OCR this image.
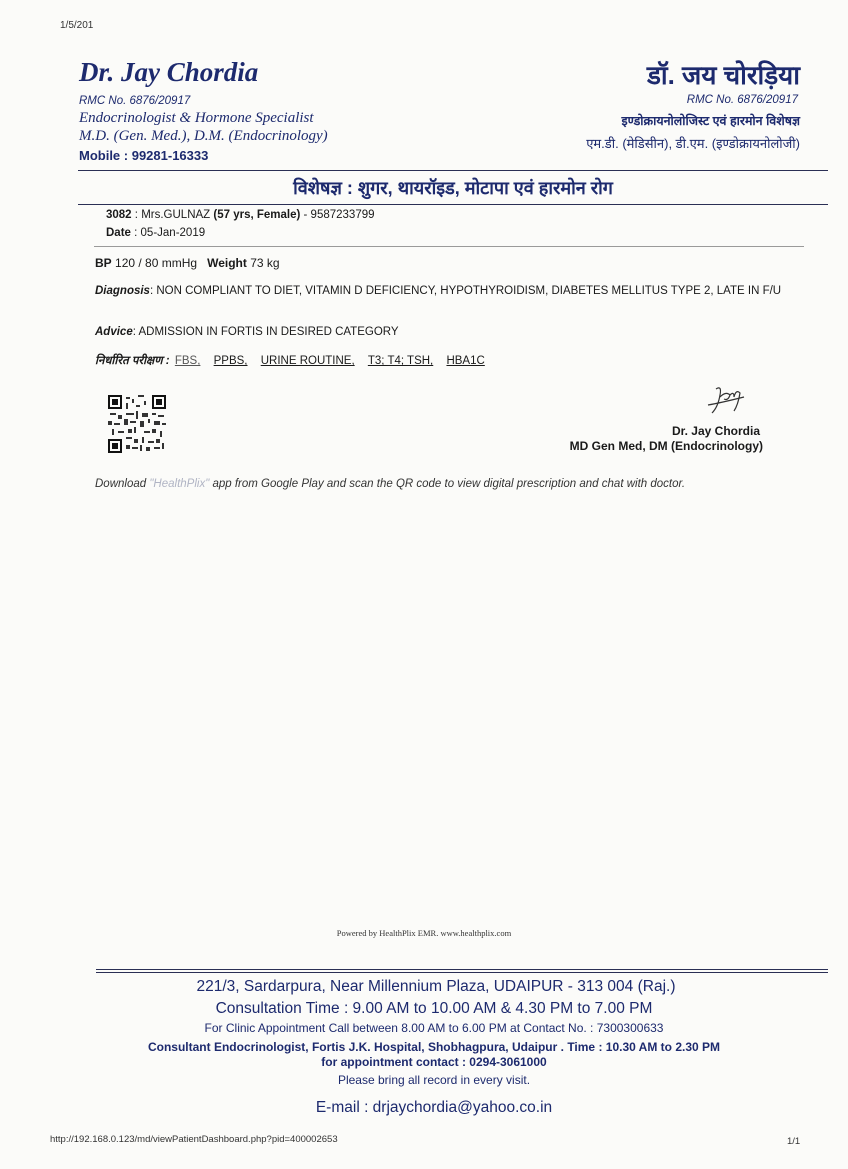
1/5/201
Dr. Jay Chordia
RMC No. 6876/20917
Endocrinologist & Hormone Specialist
M.D. (Gen. Med.), D.M. (Endocrinology)
Mobile : 99281-16333
डॉ. जय चोरड़िया
RMC No. 6876/20917
इण्डोक्रायनोलोजिस्ट एवं हारमोन विशेषज्ञ
एम.डी. (मेडिसीन), डी.एम. (इण्डोक्रायनोलोजी)
विशेषज्ञ : शुगर, थायरॉइड, मोटापा एवं हारमोन रोग
3082 : Mrs.GULNAZ (57 yrs, Female) - 9587233799
Date : 05-Jan-2019
BP 120 / 80 mmHg Weight 73 kg
Diagnosis: NON COMPLIANT TO DIET, VITAMIN D DEFICIENCY, HYPOTHYROIDISM, DIABETES MELLITUS TYPE 2, LATE IN F/U
Advice: ADMISSION IN FORTIS IN DESIRED CATEGORY
निर्धारित परीक्षण : FBS, PPBS, URINE ROUTINE, T3; T4; TSH, HBA1C
Dr. Jay Chordia
MD Gen Med, DM (Endocrinology)
Download "HealthPlix" app from Google Play and scan the QR code to view digital prescription and chat with doctor.
Powered by HealthPlix EMR. www.healthplix.com
221/3, Sardarpura, Near Millennium Plaza, UDAIPUR - 313 004 (Raj.)
Consultation Time : 9.00 AM to 10.00 AM & 4.30 PM to 7.00 PM
For Clinic Appointment Call between 8.00 AM to 6.00 PM at Contact No. : 7300300633
Consultant Endocrinologist, Fortis J.K. Hospital, Shobhagpura, Udaipur . Time : 10.30 AM to 2.30 PM
for appointment contact : 0294-3061000
Please bring all record in every visit.
E-mail : drjaychordia@yahoo.co.in
http://192.168.0.123/md/viewPatientDashboard.php?pid=400002653	1/1
